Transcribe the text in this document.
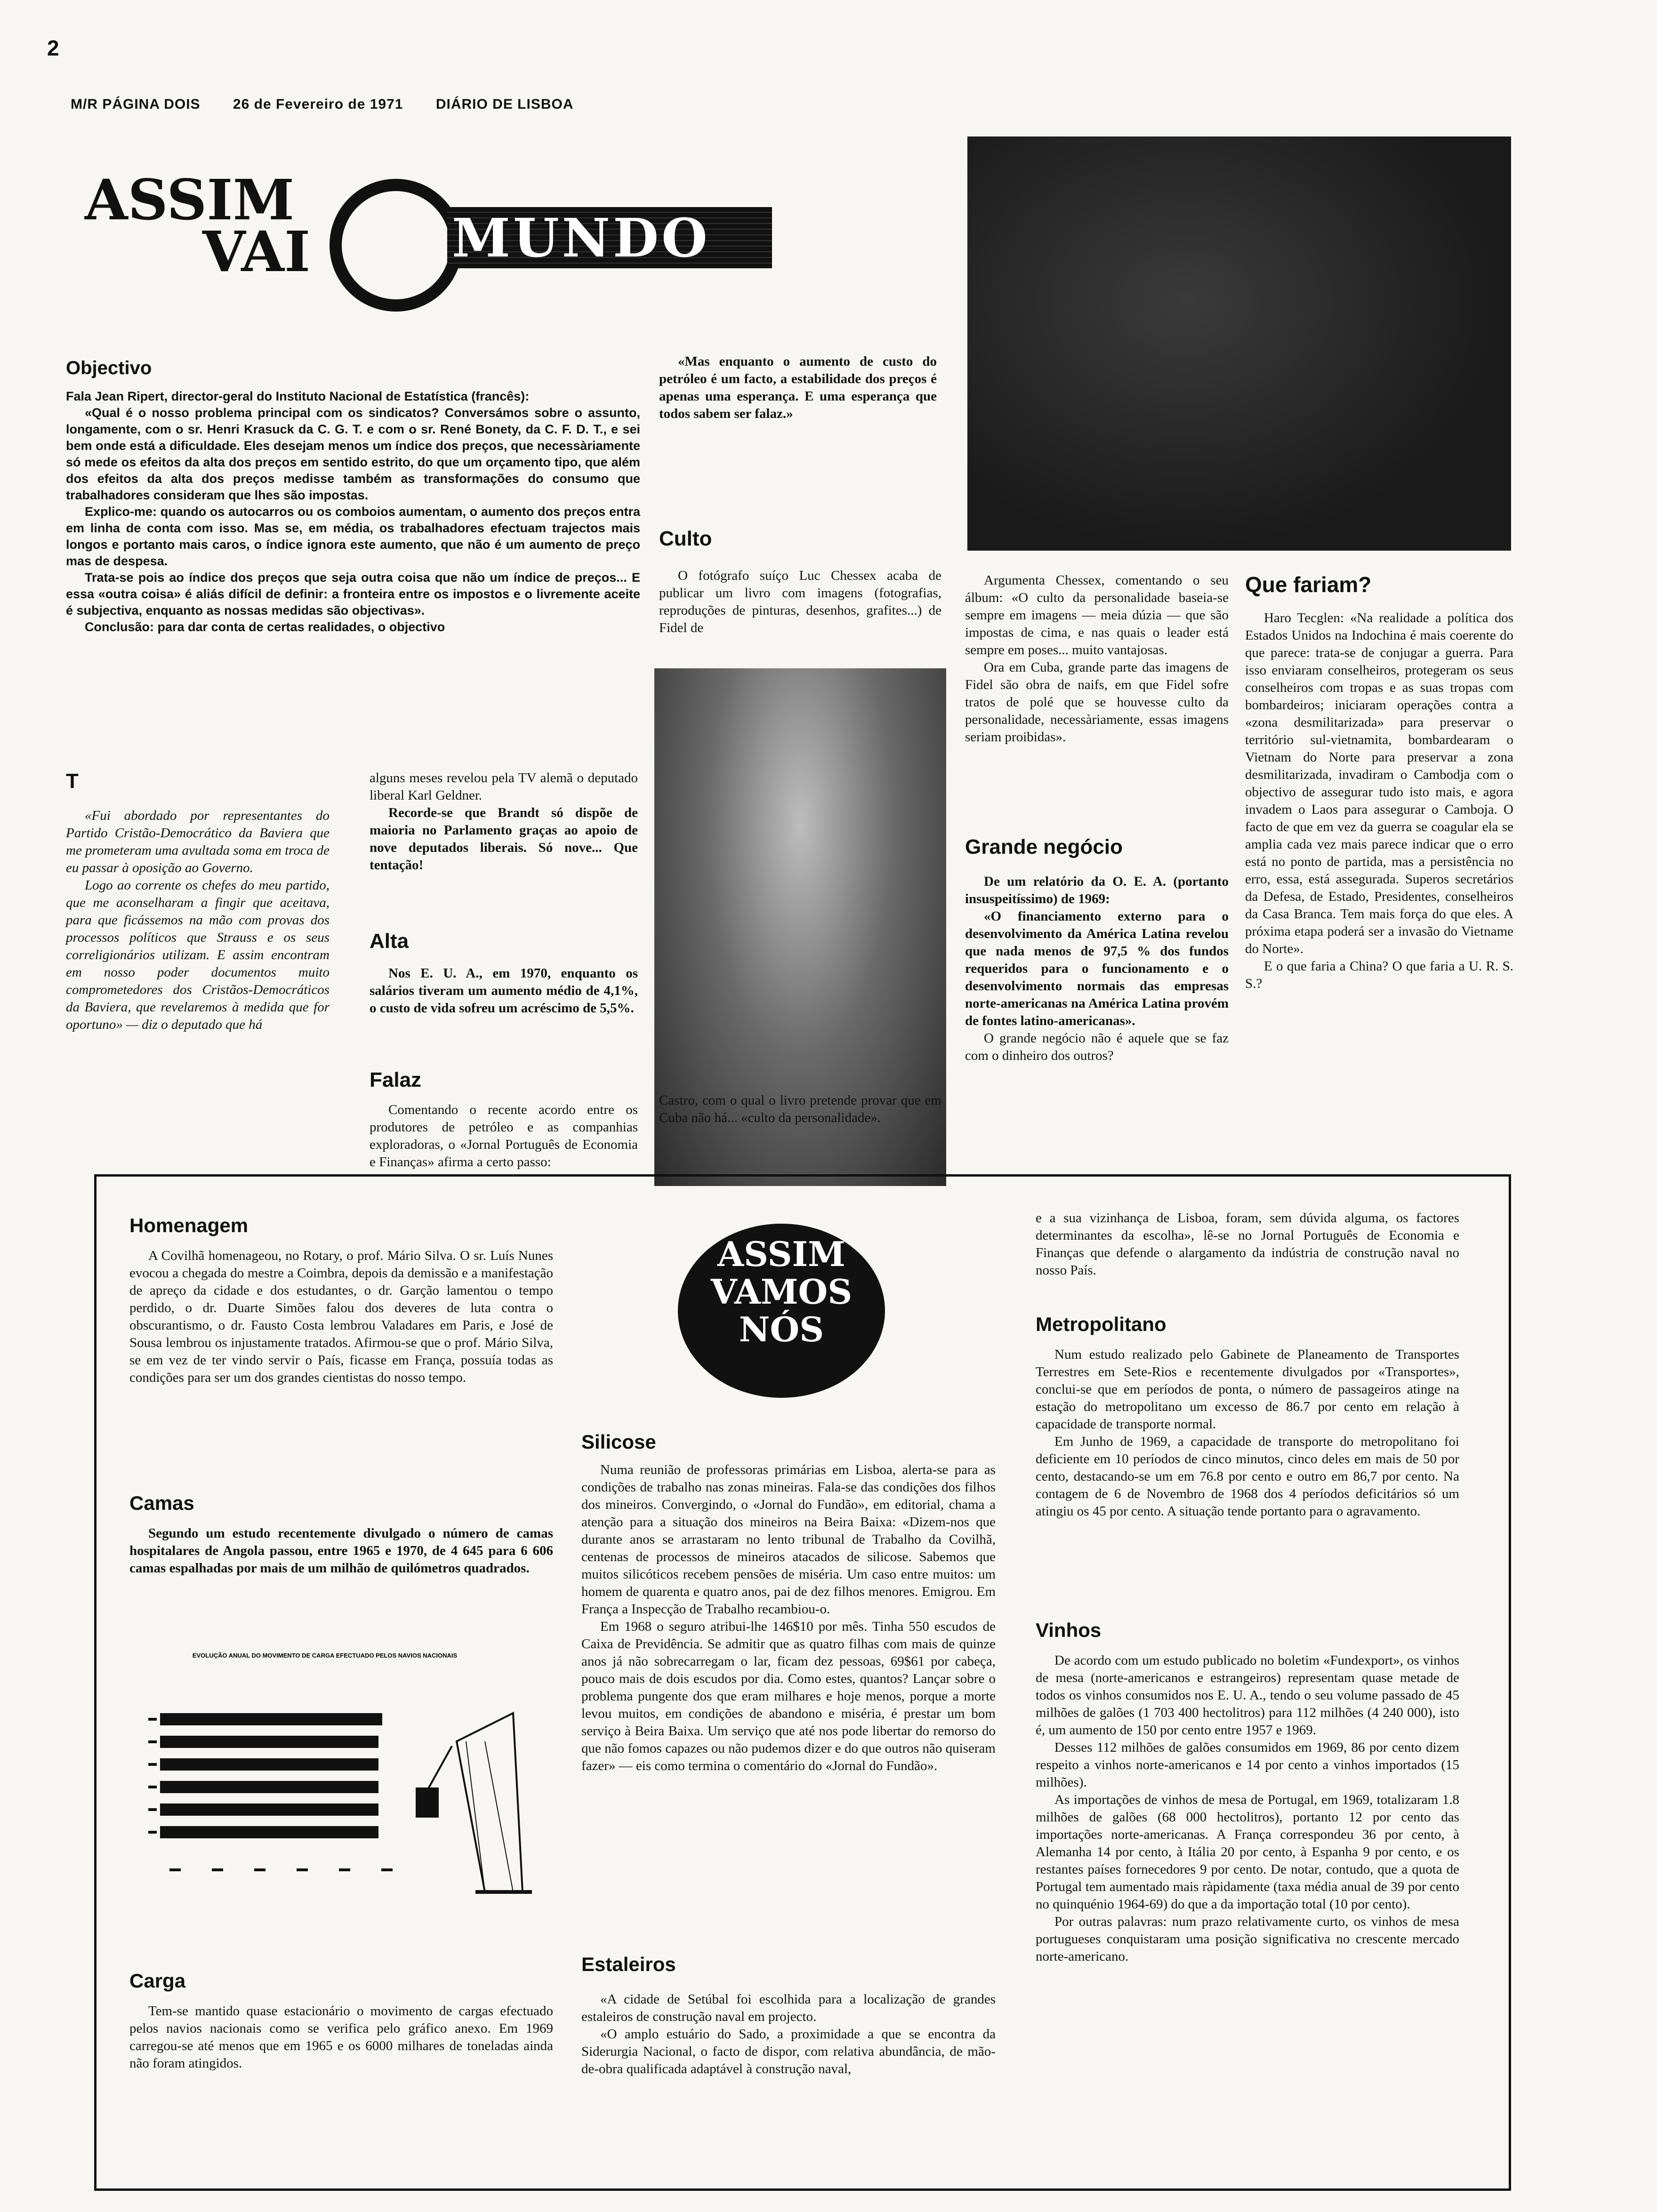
2
M/R PÁGINA DOIS 26 de Fevereiro de 1971 DIÁRIO DE LISBOA
ASSIM
VAI	MUNDO
Objectivo

Fala Jean Ripert, director-geral do Instituto Nacional de Estatística (francês):

«Qual é o nosso problema principal com os sindicatos? Conversámos sobre o assunto, longamente, com o sr. Henri Krasuck da C. G. T. e com o sr. René Bonety, da C. F. D. T., e sei bem onde está a dificuldade. Eles desejam menos um índice dos preços, que necessàriamente só mede os efeitos da alta dos preços em sentido estrito, do que um orçamento tipo, que além dos efeitos da alta dos preços medisse também as transformações do consumo que trabalhadores consideram que lhes são impostas.

Explico-me: quando os autocarros ou os comboios aumentam, o aumento dos preços entra em linha de conta com isso. Mas se, em média, os trabalhadores efectuam trajectos mais longos e portanto mais caros, o índice ignora este aumento, que não é um aumento de preço mas de despesa.

Trata-se pois ao índice dos preços que seja outra coisa que não um índice de preços... E essa «outra coisa» é aliás difícil de definir: a fronteira entre os impostos e o livremente aceite é subjectiva, enquanto as nossas medidas são objectivas».

Conclusão: para dar conta de certas realidades, o objectivo

T

«Fui abordado por representantes do Partido Cristão-Democrático da Baviera que me prometeram uma avultada soma em troca de eu passar à oposição ao Governo.

Logo ao corrente os chefes do meu partido, que me aconselharam a fingir que aceitava, para que ficássemos na mão com provas dos processos políticos que Strauss e os seus correligionários utilizam. E assim encontram em nosso poder documentos muito comprometedores dos Cristãos-Democráticos da Baviera, que revelaremos à medida que for oportuno» — diz o deputado que há

alguns meses revelou pela TV alemã o deputado liberal Karl Geldner.

Recorde-se que Brandt só dispõe de maioria no Parlamento graças ao apoio de nove deputados liberais. Só nove... Que tentação!

Alta

Nos E. U. A., em 1970, enquanto os salários tiveram um aumento médio de 4,1%, o custo de vida sofreu um acréscimo de 5,5%.

Falaz

Comentando o recente acordo entre os produtores de petróleo e as companhias exploradoras, o «Jornal Português de Economia e Finanças» afirma a certo passo:

«Mas enquanto o aumento de custo do petróleo é um facto, a estabilidade dos preços é apenas uma esperança. E uma esperança que todos sabem ser falaz.»

Culto

O fotógrafo suíço Luc Chessex acaba de publicar um livro com imagens (fotografias, reproduções de pinturas, desenhos, grafites...) de Fidel de

Castro, com o qual o livro pretende provar que em Cuba não há... «culto da personalidade».

Argumenta Chessex, comentando o seu álbum: «O culto da personalidade baseia-se sempre em imagens — meia dúzia — que são impostas de cima, e nas quais o leader está sempre em poses... muito vantajosas.

Ora em Cuba, grande parte das imagens de Fidel são obra de naifs, em que Fidel sofre tratos de polé que se houvesse culto da personalidade, necessàriamente, essas imagens seriam proibidas».

Grande negócio

De um relatório da O. E. A. (portanto insuspeitíssimo) de 1969:

«O financiamento externo para o desenvolvimento da América Latina revelou que nada menos de 97,5 % dos fundos requeridos para o funcionamento e o desenvolvimento normais das empresas norte-americanas na América Latina provém de fontes latino-americanas».

O grande negócio não é aquele que se faz com o dinheiro dos outros?

Que fariam?

Haro Tecglen: «Na realidade a política dos Estados Unidos na Indochina é mais coerente do que parece: trata-se de conjugar a guerra. Para isso enviaram conselheiros, protegeram os seus conselheiros com tropas e as suas tropas com bombardeiros; iniciaram operações contra a «zona desmilitarizada» para preservar o território sul-vietnamita, bombardearam o Vietnam do Norte para preservar a zona desmilitarizada, invadiram o Cambodja com o objectivo de assegurar tudo isto mais, e agora invadem o Laos para assegurar o Camboja. O facto de que em vez da guerra se coagular ela se amplia cada vez mais parece indicar que o erro está no ponto de partida, mas a persistência no erro, essa, está assegurada. Superos secretários da Defesa, de Estado, Presidentes, conselheiros da Casa Branca. Tem mais força do que eles. A próxima etapa poderá ser a invasão do Vietname do Norte».

E o que faria a China? O que faria a U. R. S. S.?

ASSIM
VAMOS
NÓS
Homenagem

A Covilhã homenageou, no Rotary, o prof. Mário Silva. O sr. Luís Nunes evocou a chegada do mestre a Coimbra, depois da demissão e a manifestação de apreço da cidade e dos estudantes, o dr. Garção lamentou o tempo perdido, o dr. Duarte Simões falou dos deveres de luta contra o obscurantismo, o dr. Fausto Costa lembrou Valadares em Paris, e José de Sousa lembrou os injustamente tratados. Afirmou-se que o prof. Mário Silva, se em vez de ter vindo servir o País, ficasse em França, possuía todas as condições para ser um dos grandes cientistas do nosso tempo.

Camas

Segundo um estudo recentemente divulgado o número de camas hospitalares de Angola passou, entre 1965 e 1970, de 4 645 para 6 606 camas espalhadas por mais de um milhão de quilómetros quadrados.

EVOLUÇÃO ANUAL DO MOVIMENTO DE CARGA EFECTUADO PELOS NAVIOS NACIONAIS
Carga

Tem-se mantido quase estacionário o movimento de cargas efectuado pelos navios nacionais como se verifica pelo gráfico anexo. Em 1969 carregou-se até menos que em 1965 e os 6000 milhares de toneladas ainda não foram atingidos.

Silicose

Numa reunião de professoras primárias em Lisboa, alerta-se para as condições de trabalho nas zonas mineiras. Fala-se das condições dos filhos dos mineiros. Convergindo, o «Jornal do Fundão», em editorial, chama a atenção para a situação dos mineiros na Beira Baixa: «Dizem-nos que durante anos se arrastaram no lento tribunal de Trabalho da Covilhã, centenas de processos de mineiros atacados de silicose. Sabemos que muitos silicóticos recebem pensões de miséria. Um caso entre muitos: um homem de quarenta e quatro anos, pai de dez filhos menores. Emigrou. Em França a Inspecção de Trabalho recambiou-o.

Em 1968 o seguro atribui-lhe 146$10 por mês. Tinha 550 escudos de Caixa de Previdência. Se admitir que as quatro filhas com mais de quinze anos já não sobrecarregam o lar, ficam dez pessoas, 69$61 por cabeça, pouco mais de dois escudos por dia. Como estes, quantos? Lançar sobre o problema pungente dos que eram milhares e hoje menos, porque a morte levou muitos, em condições de abandono e miséria, é prestar um bom serviço à Beira Baixa. Um serviço que até nos pode libertar do remorso do que não fomos capazes ou não pudemos dizer e do que outros não quiseram fazer» — eis como termina o comentário do «Jornal do Fundão».

Estaleiros

«A cidade de Setúbal foi escolhida para a localização de grandes estaleiros de construção naval em projecto.

«O amplo estuário do Sado, a proximidade a que se encontra da Siderurgia Nacional, o facto de dispor, com relativa abundância, de mão-de-obra qualificada adaptável à construção naval,

e a sua vizinhança de Lisboa, foram, sem dúvida alguma, os factores determinantes da escolha», lê-se no Jornal Português de Economia e Finanças que defende o alargamento da indústria de construção naval no nosso País.

Metropolitano

Num estudo realizado pelo Gabinete de Planeamento de Transportes Terrestres em Sete-Rios e recentemente divulgados por «Transportes», conclui-se que em períodos de ponta, o número de passageiros atinge na estação do metropolitano um excesso de 86.7 por cento em relação à capacidade de transporte normal.

Em Junho de 1969, a capacidade de transporte do metropolitano foi deficiente em 10 períodos de cinco minutos, cinco deles em mais de 50 por cento, destacando-se um em 76.8 por cento e outro em 86,7 por cento. Na contagem de 6 de Novembro de 1968 dos 4 períodos deficitários só um atingiu os 45 por cento. A situação tende portanto para o agravamento.

Vinhos

De acordo com um estudo publicado no boletim «Fundexport», os vinhos de mesa (norte-americanos e estrangeiros) representam quase metade de todos os vinhos consumidos nos E. U. A., tendo o seu volume passado de 45 milhões de galões (1 703 400 hectolitros) para 112 milhões (4 240 000), isto é, um aumento de 150 por cento entre 1957 e 1969.

Desses 112 milhões de galões consumidos em 1969, 86 por cento dizem respeito a vinhos norte-americanos e 14 por cento a vinhos importados (15 milhões).

As importações de vinhos de mesa de Portugal, em 1969, totalizaram 1.8 milhões de galões (68 000 hectolitros), portanto 12 por cento das importações norte-americanas. A França correspondeu 36 por cento, à Alemanha 14 por cento, à Itália 20 por cento, à Espanha 9 por cento, e os restantes países fornecedores 9 por cento. De notar, contudo, que a quota de Portugal tem aumentado mais ràpidamente (taxa média anual de 39 por cento no quinquénio 1964-69) do que a da importação total (10 por cento).

Por outras palavras: num prazo relativamente curto, os vinhos de mesa portugueses conquistaram uma posição significativa no crescente mercado norte-americano.
